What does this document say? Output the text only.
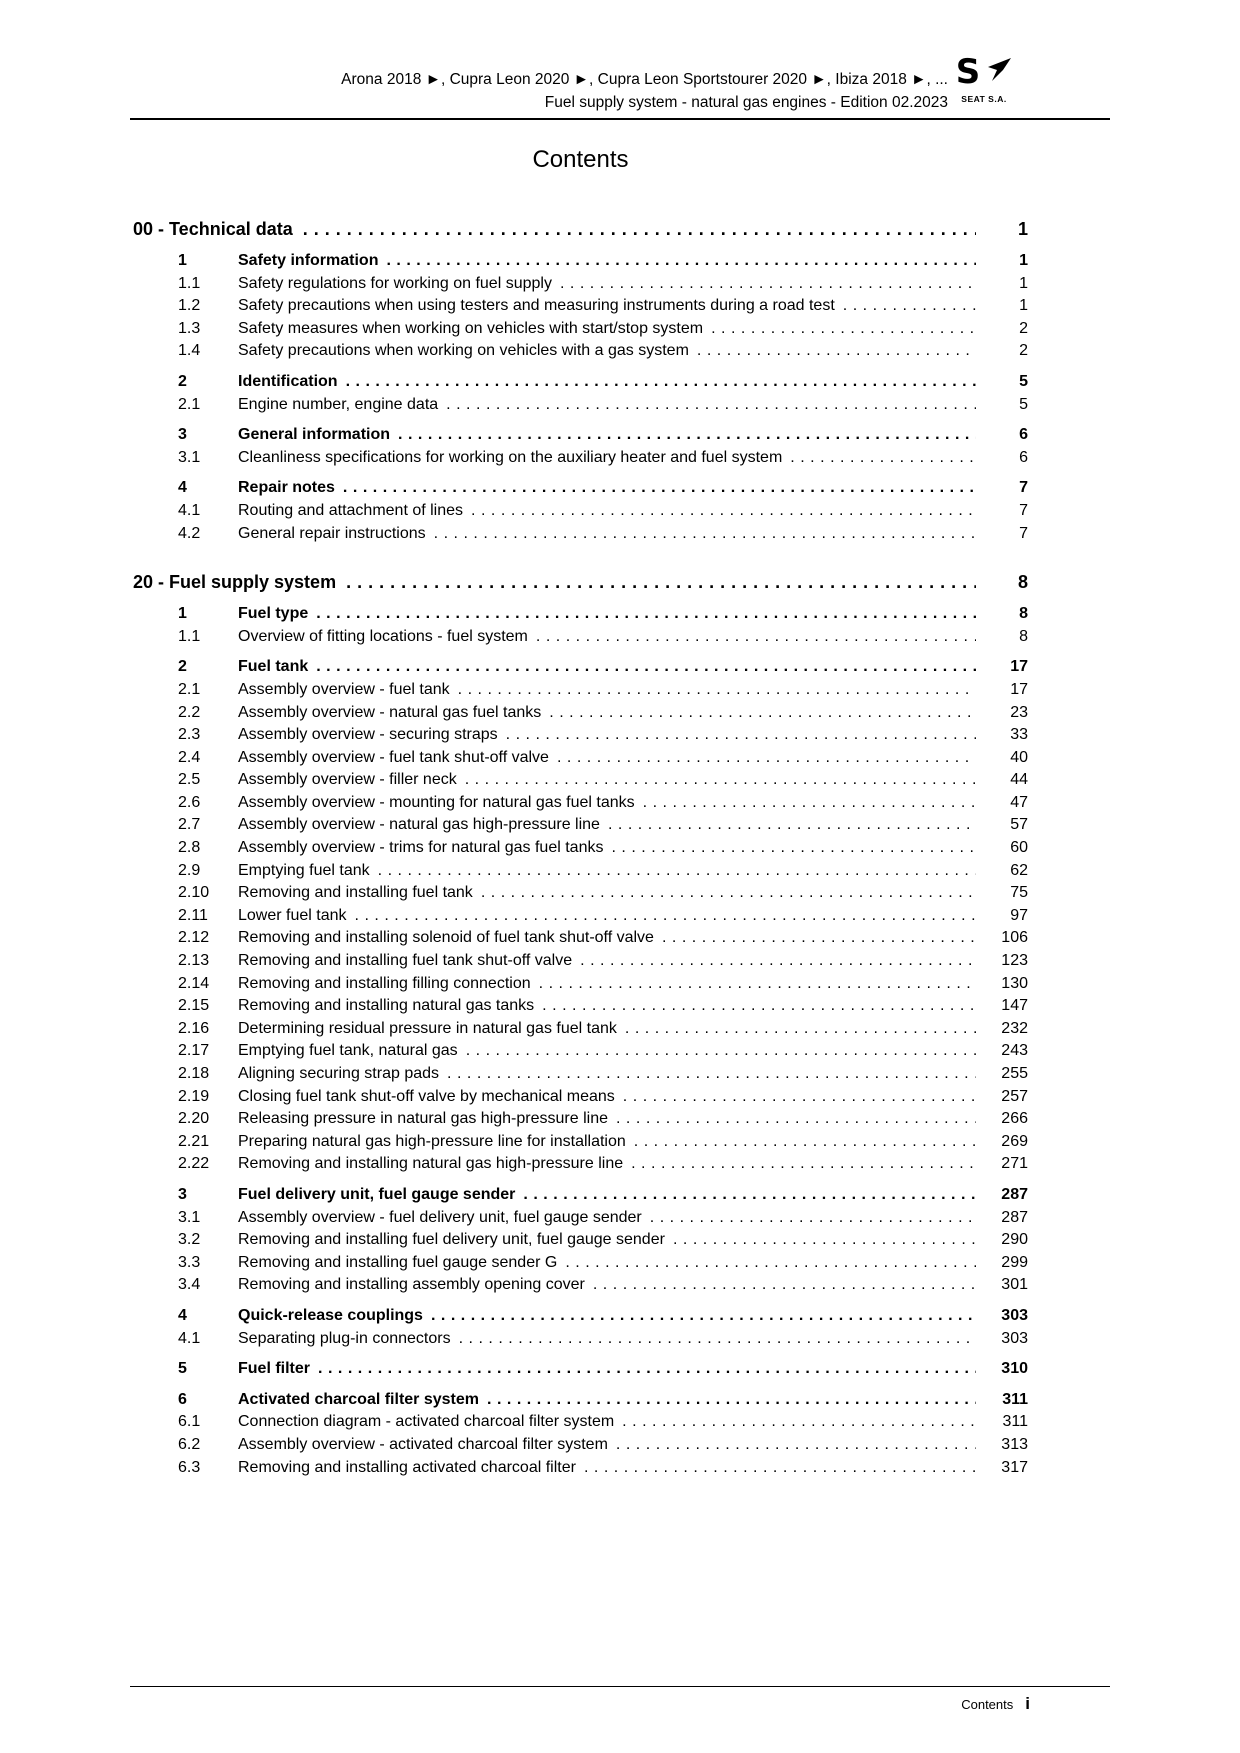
Arona 2018 ►, Cupra Leon 2020 ►, Cupra Leon Sportstourer 2020 ►, Ibiza 2018 ►, ...
Fuel supply system - natural gas engines - Edition 02.2023
S
SEAT S.A.
Contents
00 - Technical data .....	1
1	Safety information .....	1
1.1	Safety regulations for working on fuel supply .....	1
1.2	Safety precautions when using testers and measuring instruments during a road test .....	1
1.3	Safety measures when working on vehicles with start/stop system .....	2
1.4	Safety precautions when working on vehicles with a gas system .....	2
2	Identification .....	5
2.1	Engine number, engine data .....	5
3	General information .....	6
3.1	Cleanliness specifications for working on the auxiliary heater and fuel system .....	6
4	Repair notes .....	7
4.1	Routing and attachment of lines .....	7
4.2	General repair instructions .....	7
20 - Fuel supply system .....	8
1	Fuel type .....	8
1.1	Overview of fitting locations - fuel system .....	8
2	Fuel tank .....	17
2.1	Assembly overview - fuel tank .....	17
2.2	Assembly overview - natural gas fuel tanks .....	23
2.3	Assembly overview - securing straps .....	33
2.4	Assembly overview - fuel tank shut-off valve .....	40
2.5	Assembly overview - filler neck .....	44
2.6	Assembly overview - mounting for natural gas fuel tanks .....	47
2.7	Assembly overview - natural gas high-pressure line .....	57
2.8	Assembly overview - trims for natural gas fuel tanks .....	60
2.9	Emptying fuel tank .....	62
2.10	Removing and installing fuel tank .....	75
2.11	Lower fuel tank .....	97
2.12	Removing and installing solenoid of fuel tank shut-off valve .....	106
2.13	Removing and installing fuel tank shut-off valve .....	123
2.14	Removing and installing filling connection .....	130
2.15	Removing and installing natural gas tanks .....	147
2.16	Determining residual pressure in natural gas fuel tank .....	232
2.17	Emptying fuel tank, natural gas .....	243
2.18	Aligning securing strap pads .....	255
2.19	Closing fuel tank shut-off valve by mechanical means .....	257
2.20	Releasing pressure in natural gas high-pressure line .....	266
2.21	Preparing natural gas high-pressure line for installation .....	269
2.22	Removing and installing natural gas high-pressure line .....	271
3	Fuel delivery unit, fuel gauge sender .....	287
3.1	Assembly overview - fuel delivery unit, fuel gauge sender .....	287
3.2	Removing and installing fuel delivery unit, fuel gauge sender .....	290
3.3	Removing and installing fuel gauge sender G .....	299
3.4	Removing and installing assembly opening cover .....	301
4	Quick-release couplings .....	303
4.1	Separating plug-in connectors .....	303
5	Fuel filter .....	310
6	Activated charcoal filter system .....	311
6.1	Connection diagram - activated charcoal filter system .....	311
6.2	Assembly overview - activated charcoal filter system .....	313
6.3	Removing and installing activated charcoal filter .....	317
Contents i
